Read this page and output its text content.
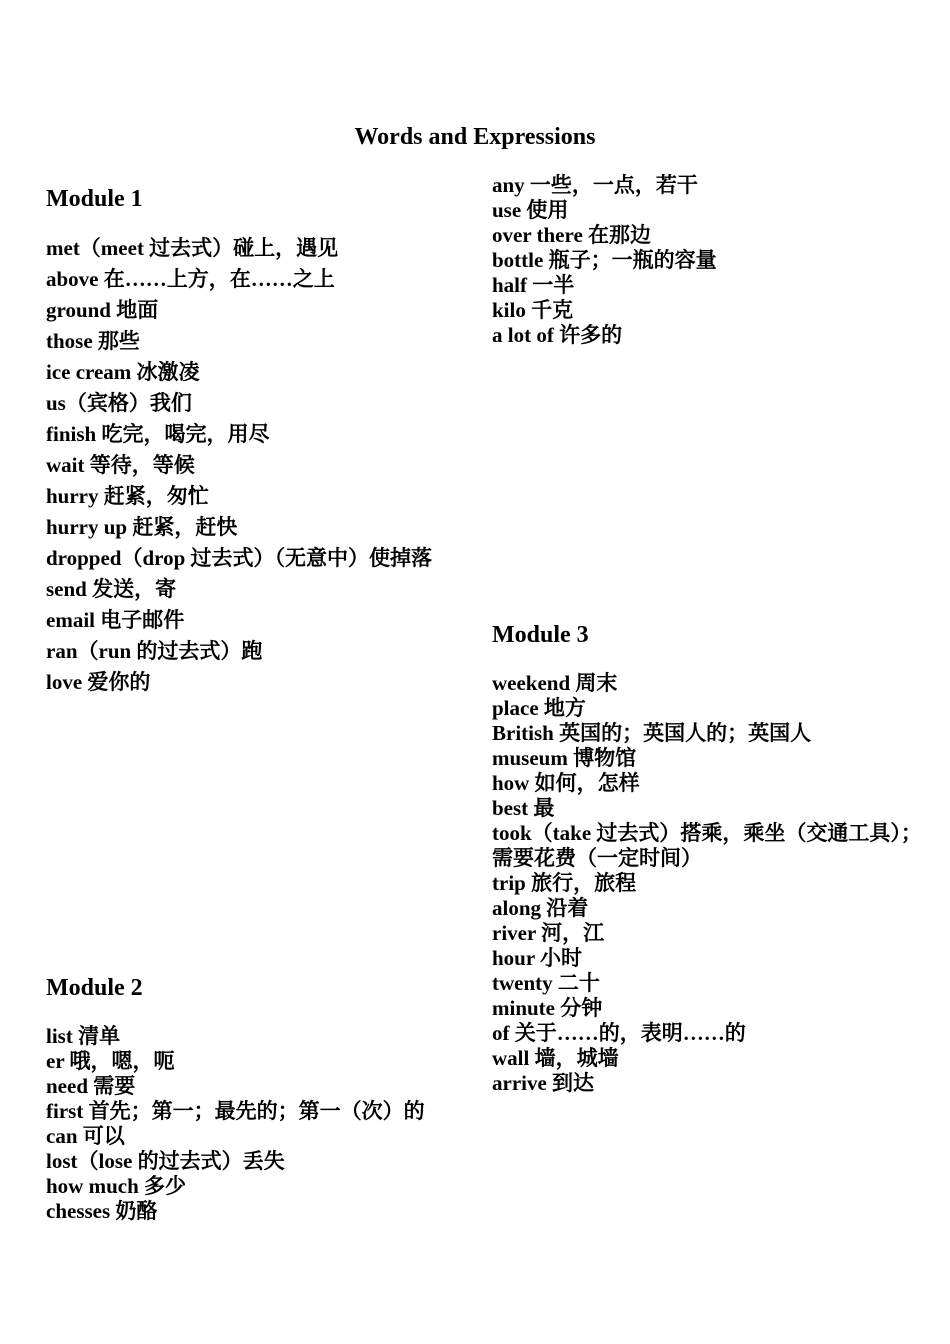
Words and Expressions
Module 1
met（meet 过去式）碰上，遇见
above 在……上方，在……之上
ground 地面
those 那些
ice cream 冰激凌
us（宾格）我们
finish 吃完，喝完，用尽
wait 等待，等候
hurry 赶紧，匆忙
hurry up 赶紧，赶快
dropped（drop 过去式）（无意中）使掉落
send 发送，寄
email 电子邮件
ran（run 的过去式）跑
love 爱你的
Module 2
list 清单
er 哦，嗯，呃
need 需要
first 首先；第一；最先的；第一（次）的
can 可以
lost（lose 的过去式）丢失
how much 多少
chesses 奶酪
any 一些，一点，若干
use 使用
over there 在那边
bottle 瓶子；一瓶的容量
half 一半
kilo 千克
a lot of 许多的
Module 3
weekend 周末
place 地方
British 英国的；英国人的；英国人
museum 博物馆
how 如何，怎样
best 最
took（take 过去式）搭乘，乘坐（交通工具）；
需要花费（一定时间）
trip 旅行，旅程
along 沿着
river 河，江
hour 小时
twenty 二十
minute 分钟
of 关于……的，表明……的
wall 墙，城墙
arrive 到达
